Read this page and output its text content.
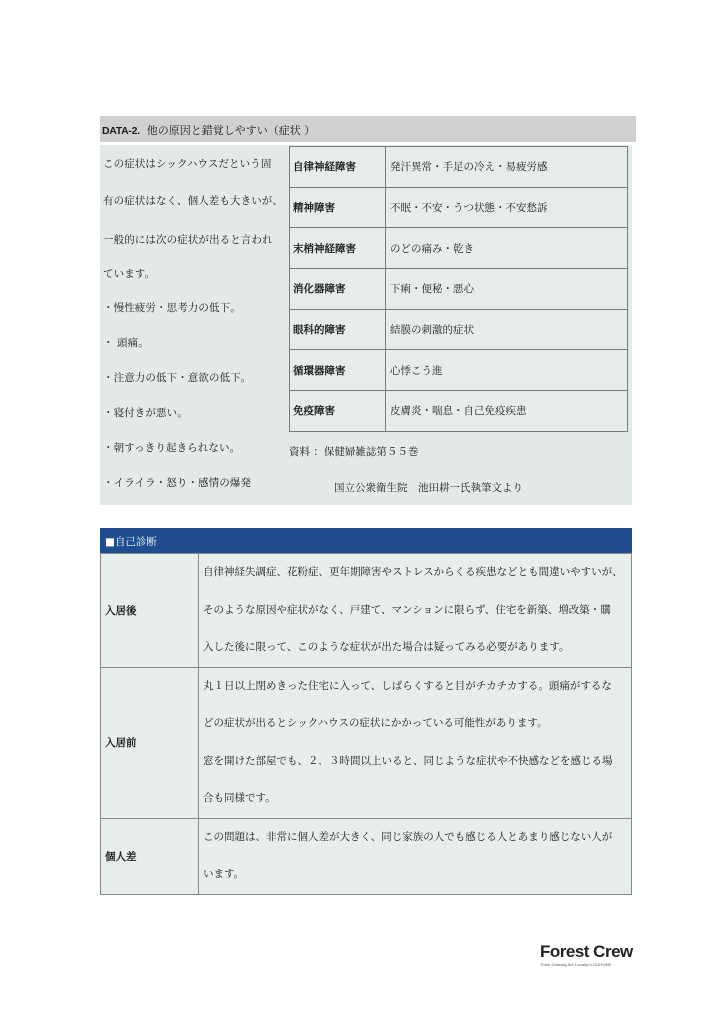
DATA-2. 他の原因と錯覚しやすい（症状 ）
この症状はシックハウスだという固
有の症状はなく、個人差も大きいが、
一般的には次の症状が出ると言われ
ています。
・慢性疲労・思考力の低下。
・ 頭痛。
・注意力の低下・意欲の低下。
・寝付きが悪い。
・朝すっきり起きられない。
・イライラ・怒り・感情の爆発
自律神経障害	発汗異常・手足の冷え・易疲労感
精神障害	不眠・不安・うつ状態・不安愁訴
末梢神経障害	のどの痛み・乾き
消化器障害	下痢・便秘・悪心
眼科的障害	結膜の刺激的症状
循環器障害	心悸こう進
免疫障害	皮膚炎・喘息・自己免疫疾患
資料 ：保健婦雑誌第５５巻
国立公衆衛生院　池田耕一氏執筆文より
■自己診断
入居後	自律神経失調症、花粉症、更年期障害やストレスからくる疾患などとも間違いやすいが、
そのような原因や症状がなく、戸建て、マンションに限らず、住宅を新築、増改築・購
入した後に限って、このような症状が出た場合は疑ってみる必要があります。

入居前	丸１日以上閉めきった住宅に入って、しばらくすると目がチカチカする。頭痛がするな
どの症状が出るとシックハウスの症状にかかっている可能性があります。
窓を開けた部屋でも、２．３時間以上いると、同じような症状や不快感などを感じる場
合も同様です。

個人差	この問題は、非常に個人差が大きく、同じ家族の人でも感じる人とあまり感じない人が
います。
Forest Crew
Think Globally,Act Locally=LOGHOME
